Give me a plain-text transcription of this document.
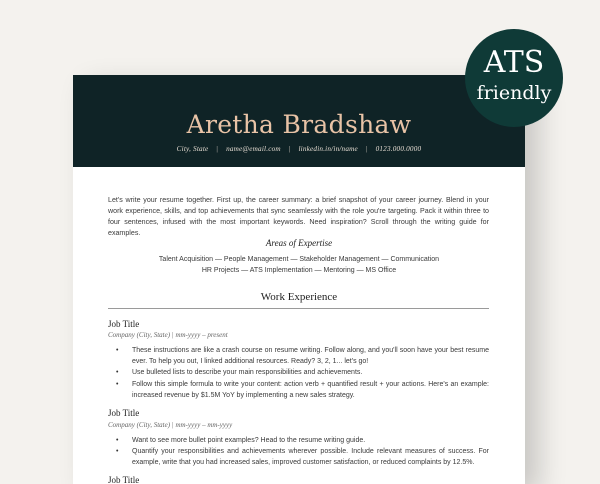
Aretha Bradshaw
City, State | name@email.com | linkedin.in/in/name | 0123.000.0000
Let's write your resume together. First up, the career summary: a brief snapshot of your career journey. Blend in your work experience, skills, and top achievements that sync seamlessly with the role you're targeting. Pack it within three to four sentences, infused with the most important keywords. Need inspiration? Scroll through the writing guide for examples.
Areas of Expertise
Talent Acquisition — People Management — Stakeholder Management — Communication
HR Projects — ATS Implementation — Mentoring — MS Office
Work Experience
Job Title
Company (City, State) | mm-yyyy – present
• These instructions are like a crash course on resume writing. Follow along, and you'll soon have your best resume ever. To help you out, I linked additional resources. Ready? 3, 2, 1... let's go!
• Use bulleted lists to describe your main responsibilities and achievements.
• Follow this simple formula to write your content: action verb + quantified result + your actions. Here's an example: increased revenue by $1.5M YoY by implementing a new sales strategy.
Job Title
Company (City, State) | mm-yyyy – mm-yyyy
• Want to see more bullet point examples? Head to the resume writing guide.
• Quantify your responsibilities and achievements wherever possible. Include relevant measures of success. For example, write that you had increased sales, improved customer satisfaction, or reduced complaints by 12.5%.
Job Title
ATS
friendly
